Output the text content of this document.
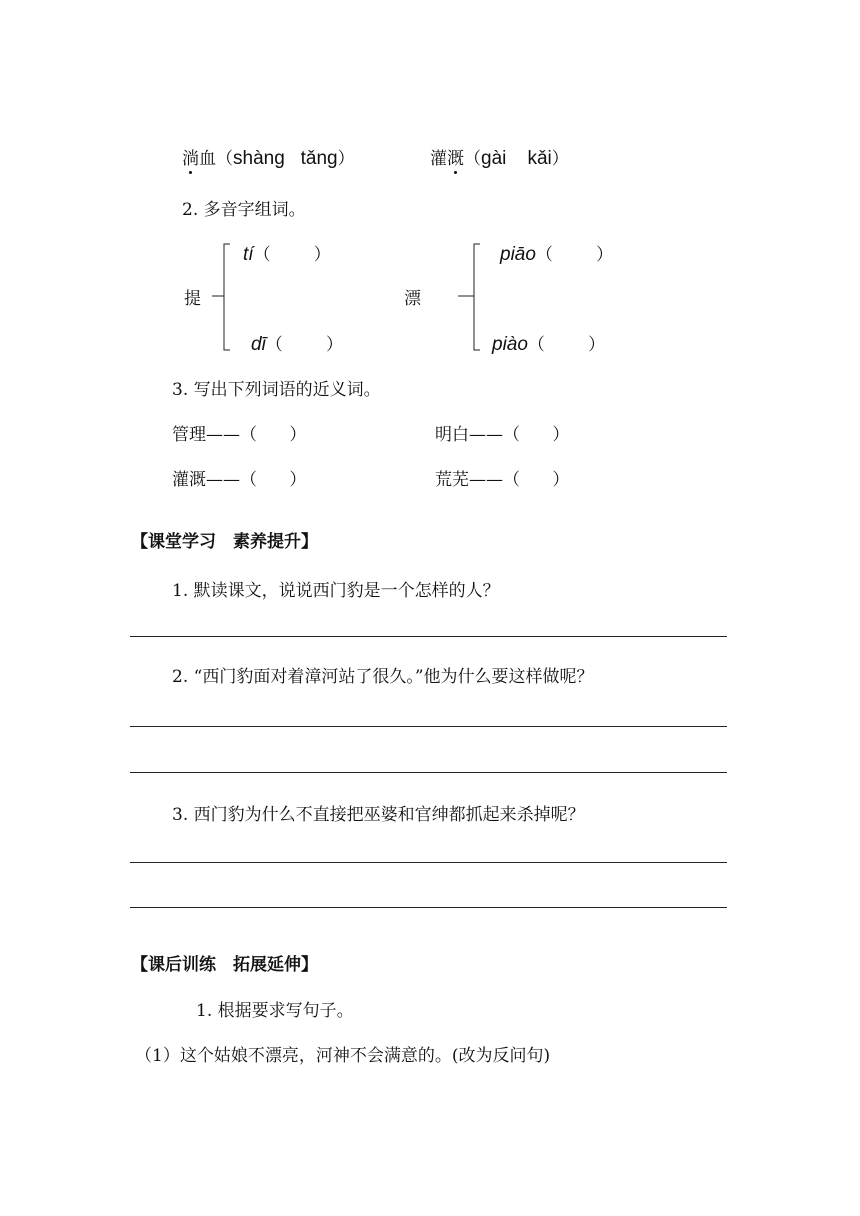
淌血（shàng   tǎng）	灌溉（gài    kǎi）
2. 多音字组词。
提
tí（        ）
dī（        ）
漂
piāo（        ）
piào（        ）
3. 写出下列词语的近义词。
管理——（      ）	明白——（      ）
灌溉——（      ）	荒芜——（      ）
【课堂学习　素养提升】
1. 默读课文，说说西门豹是一个怎样的人？
2. “西门豹面对着漳河站了很久。”他为什么要这样做呢？
3. 西门豹为什么不直接把巫婆和官绅都抓起来杀掉呢？
【课后训练　拓展延伸】
1. 根据要求写句子。
（1）这个姑娘不漂亮，河神不会满意的。(改为反问句)
